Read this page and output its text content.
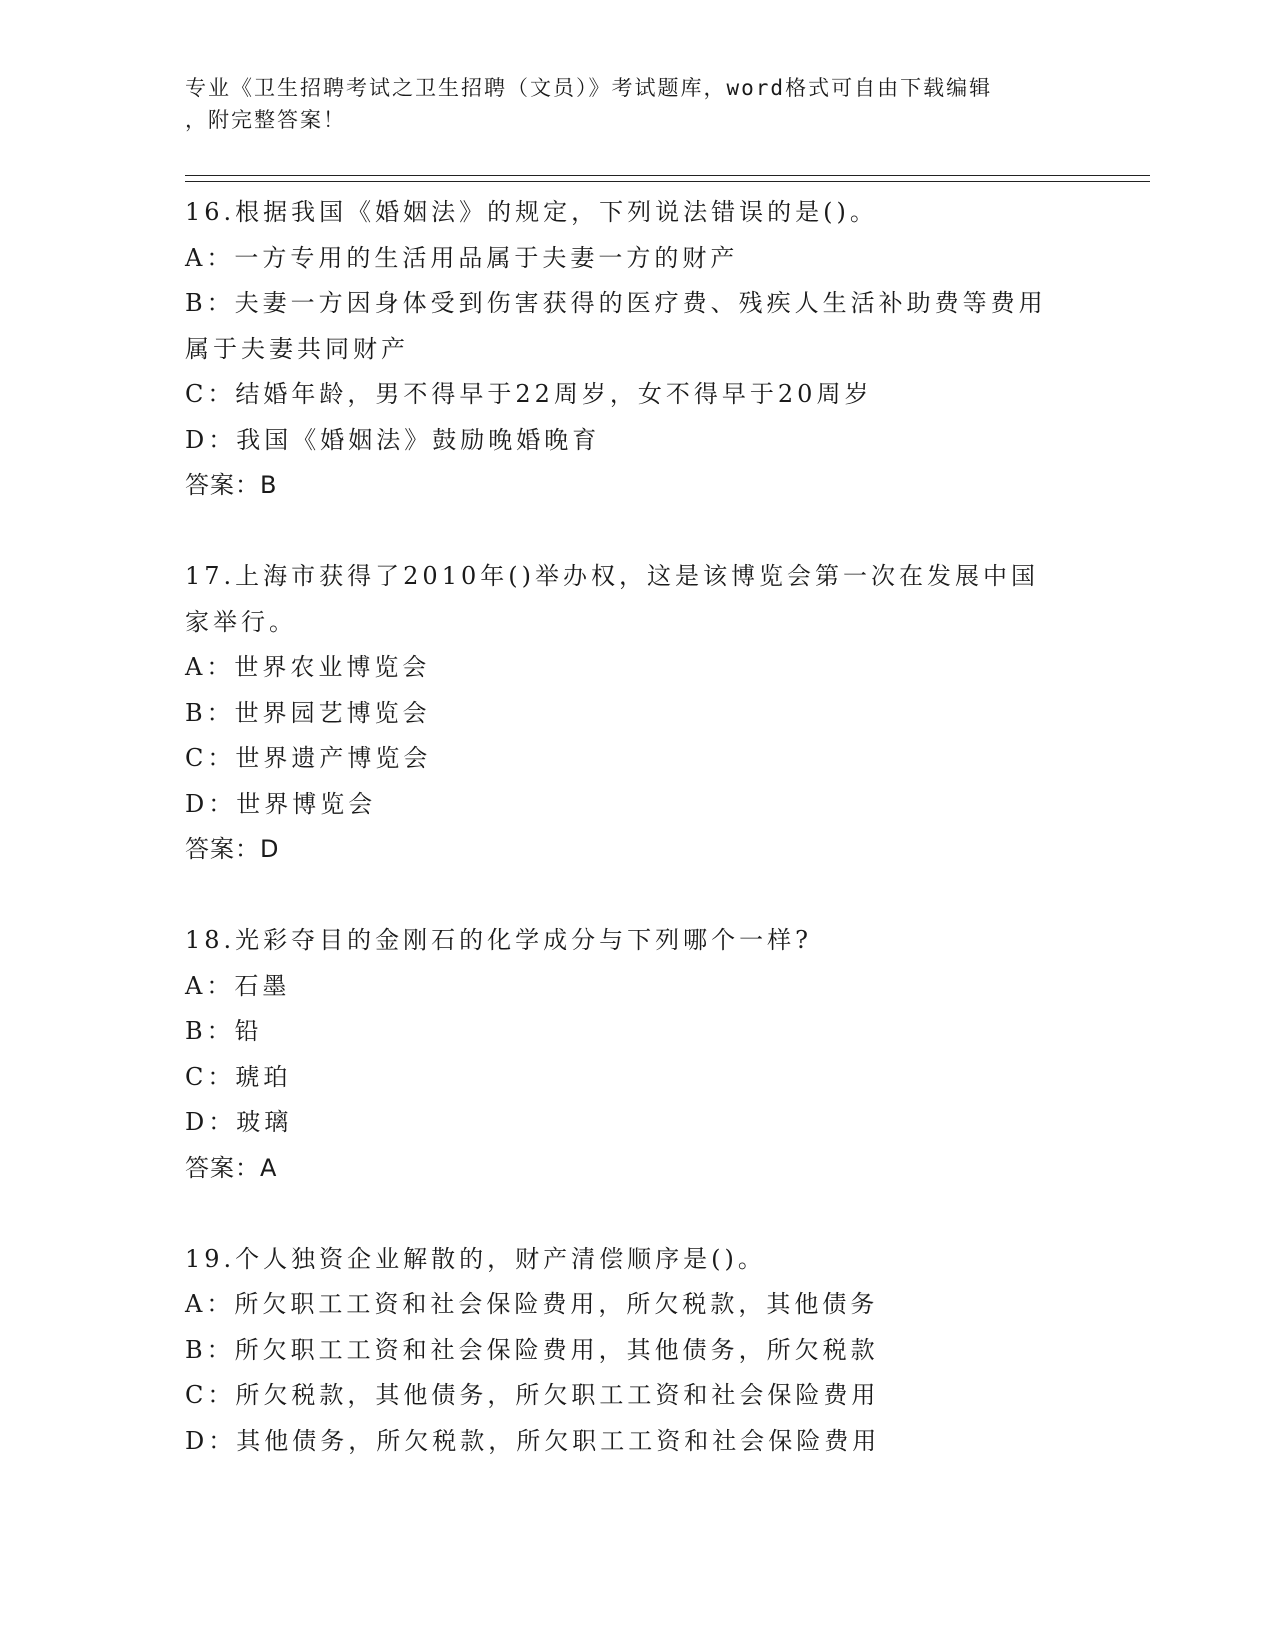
专业《卫生招聘考试之卫生招聘（文员）》考试题库，word格式可自由下载编辑
，附完整答案！
16.根据我国《婚姻法》的规定，下列说法错误的是()。
A：一方专用的生活用品属于夫妻一方的财产
B：夫妻一方因身体受到伤害获得的医疗费、残疾人生活补助费等费用
属于夫妻共同财产
C：结婚年龄，男不得早于22周岁，女不得早于20周岁
D：我国《婚姻法》鼓励晚婚晚育
答案：B
17.上海市获得了2010年()举办权，这是该博览会第一次在发展中国
家举行。
A：世界农业博览会
B：世界园艺博览会
C：世界遗产博览会
D：世界博览会
答案：D
18.光彩夺目的金刚石的化学成分与下列哪个一样?
A：石墨
B：铅
C：琥珀
D：玻璃
答案：A
19.个人独资企业解散的，财产清偿顺序是()。
A：所欠职工工资和社会保险费用，所欠税款，其他债务
B：所欠职工工资和社会保险费用，其他债务，所欠税款
C：所欠税款，其他债务，所欠职工工资和社会保险费用
D：其他债务，所欠税款，所欠职工工资和社会保险费用
